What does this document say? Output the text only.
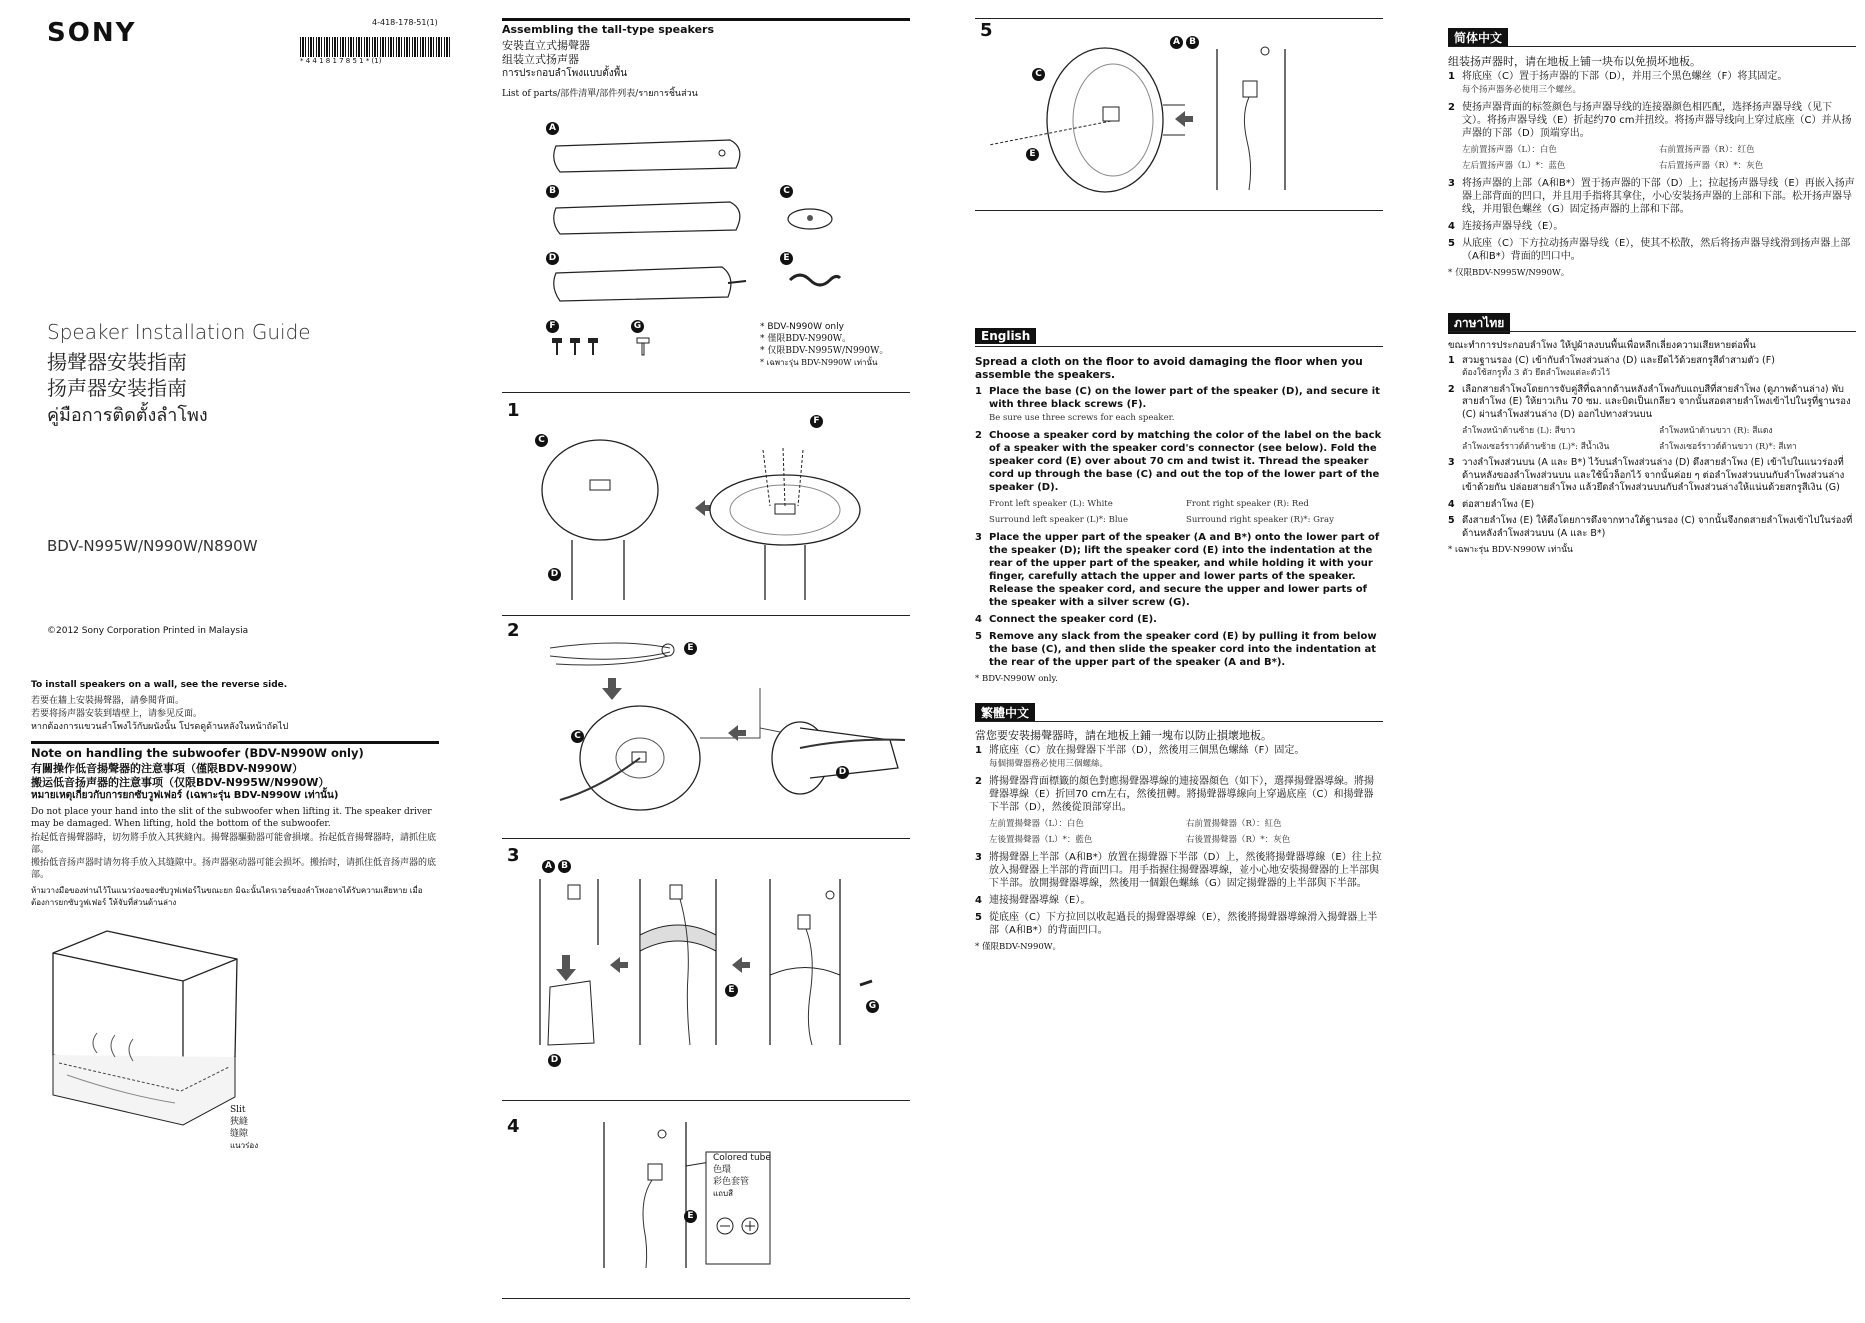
SONY	4-418-178-51(1)
* 4 4 1 8 1 7 8 5 1 * (1)
Speaker Installation Guide
揚聲器安裝指南
扬声器安装指南
คู่มือการติดตั้งลำโพง
BDV-N995W/N990W/N890W
©2012 Sony Corporation Printed in Malaysia
To install speakers on a wall, see the reverse side.
若要在牆上安裝揚聲器，請參閱背面。
若要将扬声器安装到墙壁上，请参见反面。
หากต้องการแขวนลำโพงไว้กับผนังนั้น โปรดดูด้านหลังในหน้าถัดไป
Note on handling the subwoofer (BDV-N990W only)
有關操作低音揚聲器的注意事項（僅限BDV-N990W）
搬运低音扬声器的注意事项（仅限BDV-N995W/N990W）
หมายเหตุเกี่ยวกับการยกซับวูฟเฟอร์ (เฉพาะรุ่น BDV-N990W เท่านั้น)
Do not place your hand into the slit of the subwoofer when lifting it. The speaker driver may be damaged. When lifting, hold the bottom of the subwoofer.
抬起低音揚聲器時，切勿將手放入其狹縫內。揚聲器驅動器可能會損壞。抬起低音揚聲器時，請抓住底部。
搬抬低音扬声器时请勿将手放入其缝隙中。扬声器驱动器可能会损坏。搬抬时，请抓住低音扬声器的底部。
ห้ามวางมือของท่านไว้ในแนวร่องของซับวูฟเฟอร์ในขณะยก มิฉะนั้นไดรเวอร์ของลำโพงอาจได้รับความเสียหาย เมื่อต้องการยกซับวูฟเฟอร์ ให้จับที่ส่วนด้านล่าง
Slit
狹縫
缝隙
แนวร่อง
Assembling the tall-type speakers
安裝直立式揚聲器
组装立式扬声器
การประกอบลำโพงแบบตั้งพื้น
List of parts/部件清單/部件列表/รายการชิ้นส่วน
A
B	C
D	E
F	G	* BDV-N990W only
* 僅限BDV-N990W。
* 仅限BDV-N995W/N990W。
* เฉพาะรุ่น BDV-N990W เท่านั้น
1
C
F
D
2
E
C
D
3	A	B
E
G
D
4
Colored tube
色環
彩色套管
แถบสี
E
5
A	B
C
E
English
Spread a cloth on the floor to avoid damaging the floor when you assemble the speakers.
1 Place the base (C) on the lower part of the speaker (D), and secure it with three black screws (F).
Be sure use three screws for each speaker.
2 Choose a speaker cord by matching the color of the label on the back of a speaker with the speaker cord's connector (see below). Fold the speaker cord (E) over about 70 cm and twist it. Thread the speaker cord up through the base (C) and out the top of the lower part of the speaker (D).
Front left speaker (L): White	Front right speaker (R): Red
Surround left speaker (L)*: Blue	Surround right speaker (R)*: Gray
3 Place the upper part of the speaker (A and B*) onto the lower part of the speaker (D); lift the speaker cord (E) into the indentation at the rear of the upper part of the speaker, and while holding it with your finger, carefully attach the upper and lower parts of the speaker. Release the speaker cord, and secure the upper and lower parts of the speaker with a silver screw (G).
4 Connect the speaker cord (E).
5 Remove any slack from the speaker cord (E) by pulling it from below the base (C), and then slide the speaker cord into the indentation at the rear of the upper part of the speaker (A and B*).
* BDV-N990W only.
繁體中文
當您要安裝揚聲器時，請在地板上鋪一塊布以防止損壞地板。
1 將底座（C）放在揚聲器下半部（D），然後用三個黑色螺絲（F）固定。
每個揚聲器務必使用三個螺絲。
2 將揚聲器背面標籤的顏色對應揚聲器導線的連接器顏色（如下），選擇揚聲器導線。將揚聲器導線（E）折回70 cm左右，然後扭轉。將揚聲器導線向上穿過底座（C）和揚聲器下半部（D），然後從頂部穿出。
左前置揚聲器（L）：白色	右前置揚聲器（R）：紅色
左後置揚聲器（L）*：藍色	右後置揚聲器（R）*：灰色
3 將揚聲器上半部（A和B*）放置在揚聲器下半部（D）上，然後將揚聲器導線（E）往上拉放入揚聲器上半部的背面凹口。用手指握住揚聲器導線，並小心地安裝揚聲器的上半部與下半部。放開揚聲器導線，然後用一個銀色螺絲（G）固定揚聲器的上半部與下半部。
4 連接揚聲器導線（E）。
5 從底座（C）下方拉回以收起過長的揚聲器導線（E），然後將揚聲器導線滑入揚聲器上半部（A和B*）的背面凹口。
* 僅限BDV-N990W。
简体中文
组装扬声器时，请在地板上铺一块布以免损坏地板。
1 将底座（C）置于扬声器的下部（D），并用三个黑色螺丝（F）将其固定。
每个扬声器务必使用三个螺丝。
2 使扬声器背面的标签颜色与扬声器导线的连接器颜色相匹配，选择扬声器导线（见下文）。将扬声器导线（E）折起约70 cm并扭绞。将扬声器导线向上穿过底座（C）并从扬声器的下部（D）顶端穿出。
左前置扬声器（L）：白色	右前置扬声器（R）：红色
左后置扬声器（L）*：蓝色	右后置扬声器（R）*：灰色
3 将扬声器的上部（A和B*）置于扬声器的下部（D）上；拉起扬声器导线（E）再嵌入扬声器上部背面的凹口，并且用手指将其拿住，小心安装扬声器的上部和下部。松开扬声器导线，并用银色螺丝（G）固定扬声器的上部和下部。
4 连接扬声器导线（E）。
5 从底座（C）下方拉动扬声器导线（E），使其不松散，然后将扬声器导线滑到扬声器上部（A和B*）背面的凹口中。
* 仅限BDV-N995W/N990W。
ภาษาไทย
ขณะทำการประกอบลำโพง ให้ปูผ้าลงบนพื้นเพื่อหลีกเลี่ยงความเสียหายต่อพื้น
1 สวมฐานรอง (C) เข้ากับลำโพงส่วนล่าง (D) และยึดไว้ด้วยสกรูสีดำสามตัว (F)
ต้องใช้สกรูทั้ง 3 ตัว ยึดลำโพงแต่ละตัวไว้
2 เลือกสายลำโพงโดยการจับคู่สีที่ฉลากด้านหลังลำโพงกับแถบสีที่สายลำโพง (ดูภาพด้านล่าง) พับสายลำโพง (E) ให้ยาวเกิน 70 ซม. และบิดเป็นเกลียว จากนั้นสอดสายลำโพงเข้าไปในรูที่ฐานรอง (C) ผ่านลำโพงส่วนล่าง (D) ออกไปทางส่วนบน
ลำโพงหน้าด้านซ้าย (L): สีขาว	ลำโพงหน้าด้านขวา (R): สีแดง
ลำโพงเซอร์ราวด์ด้านซ้าย (L)*: สีน้ำเงิน	ลำโพงเซอร์ราวด์ด้านขวา (R)*: สีเทา
3 วางลำโพงส่วนบน (A และ B*) ไว้บนลำโพงส่วนล่าง (D) ดึงสายลำโพง (E) เข้าไปในแนวร่องที่ด้านหลังของลำโพงส่วนบน และใช้นิ้วล็อกไว้ จากนั้นค่อย ๆ ต่อลำโพงส่วนบนกับลำโพงส่วนล่างเข้าด้วยกัน ปล่อยสายลำโพง แล้วยึดลำโพงส่วนบนกับลำโพงส่วนล่างให้แน่นด้วยสกรูสีเงิน (G)
4 ต่อสายลำโพง (E)
5 ดึงสายลำโพง (E) ให้ตึงโดยการดึงจากทางใต้ฐานรอง (C) จากนั้นจึงกดสายลำโพงเข้าไปในร่องที่ด้านหลังลำโพงส่วนบน (A และ B*)
* เฉพาะรุ่น BDV-N990W เท่านั้น
